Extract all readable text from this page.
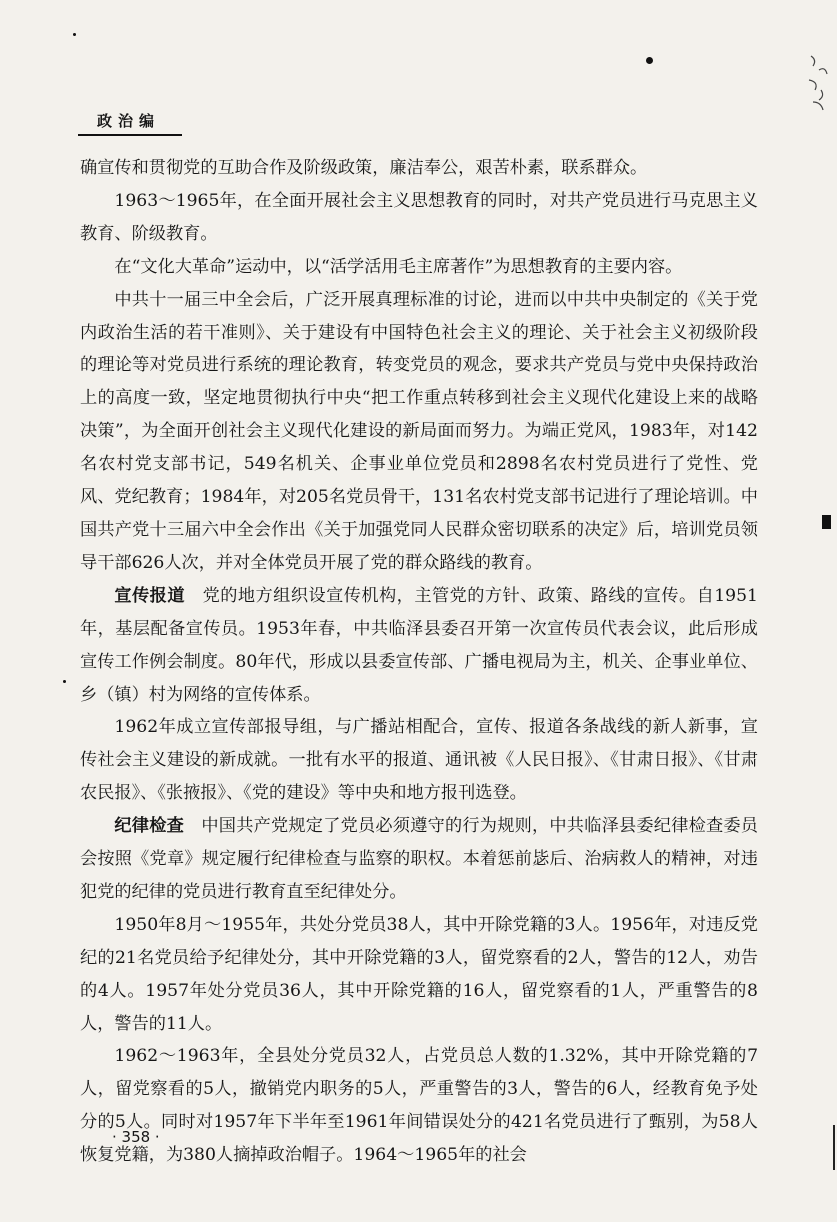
政治编

确宣传和贯彻党的互助合作及阶级政策，廉洁奉公，艰苦朴素，联系群众。

1963～1965年，在全面开展社会主义思想教育的同时，对共产党员进行马克思主义教育、阶级教育。

在“文化大革命”运动中，以“活学活用毛主席著作”为思想教育的主要内容。

中共十一届三中全会后，广泛开展真理标准的讨论，进而以中共中央制定的《关于党内政治生活的若干准则》、关于建设有中国特色社会主义的理论、关于社会主义初级阶段的理论等对党员进行系统的理论教育，转变党员的观念，要求共产党员与党中央保持政治上的高度一致，坚定地贯彻执行中央“把工作重点转移到社会主义现代化建设上来的战略决策”，为全面开创社会主义现代化建设的新局面而努力。为端正党风，1983年，对142名农村党支部书记，549名机关、企事业单位党员和2898名农村党员进行了党性、党风、党纪教育；1984年，对205名党员骨干，131名农村党支部书记进行了理论培训。中国共产党十三届六中全会作出《关于加强党同人民群众密切联系的决定》后，培训党员领导干部626人次，并对全体党员开展了党的群众路线的教育。

宣传报道　党的地方组织设宣传机构，主管党的方针、政策、路线的宣传。自1951年，基层配备宣传员。1953年春，中共临泽县委召开第一次宣传员代表会议，此后形成宣传工作例会制度。80年代，形成以县委宣传部、广播电视局为主，机关、企事业单位、乡（镇）村为网络的宣传体系。

1962年成立宣传部报导组，与广播站相配合，宣传、报道各条战线的新人新事，宣传社会主义建设的新成就。一批有水平的报道、通讯被《人民日报》、《甘肃日报》、《甘肃农民报》、《张掖报》、《党的建设》等中央和地方报刊选登。

纪律检查　中国共产党规定了党员必须遵守的行为规则，中共临泽县委纪律检查委员会按照《党章》规定履行纪律检查与监察的职权。本着惩前毖后、治病救人的精神，对违犯党的纪律的党员进行教育直至纪律处分。

1950年8月～1955年，共处分党员38人，其中开除党籍的3人。1956年，对违反党纪的21名党员给予纪律处分，其中开除党籍的3人，留党察看的2人，警告的12人，劝告的4人。1957年处分党员36人，其中开除党籍的16人，留党察看的1人，严重警告的8人，警告的11人。

1962～1963年，全县处分党员32人，占党员总人数的1.32%，其中开除党籍的7人，留党察看的5人，撤销党内职务的5人，严重警告的3人，警告的6人，经教育免予处分的5人。同时对1957年下半年至1961年间错误处分的421名党员进行了甄别，为58人恢复党籍，为380人摘掉政治帽子。1964～1965年的社会

· 358 ·
